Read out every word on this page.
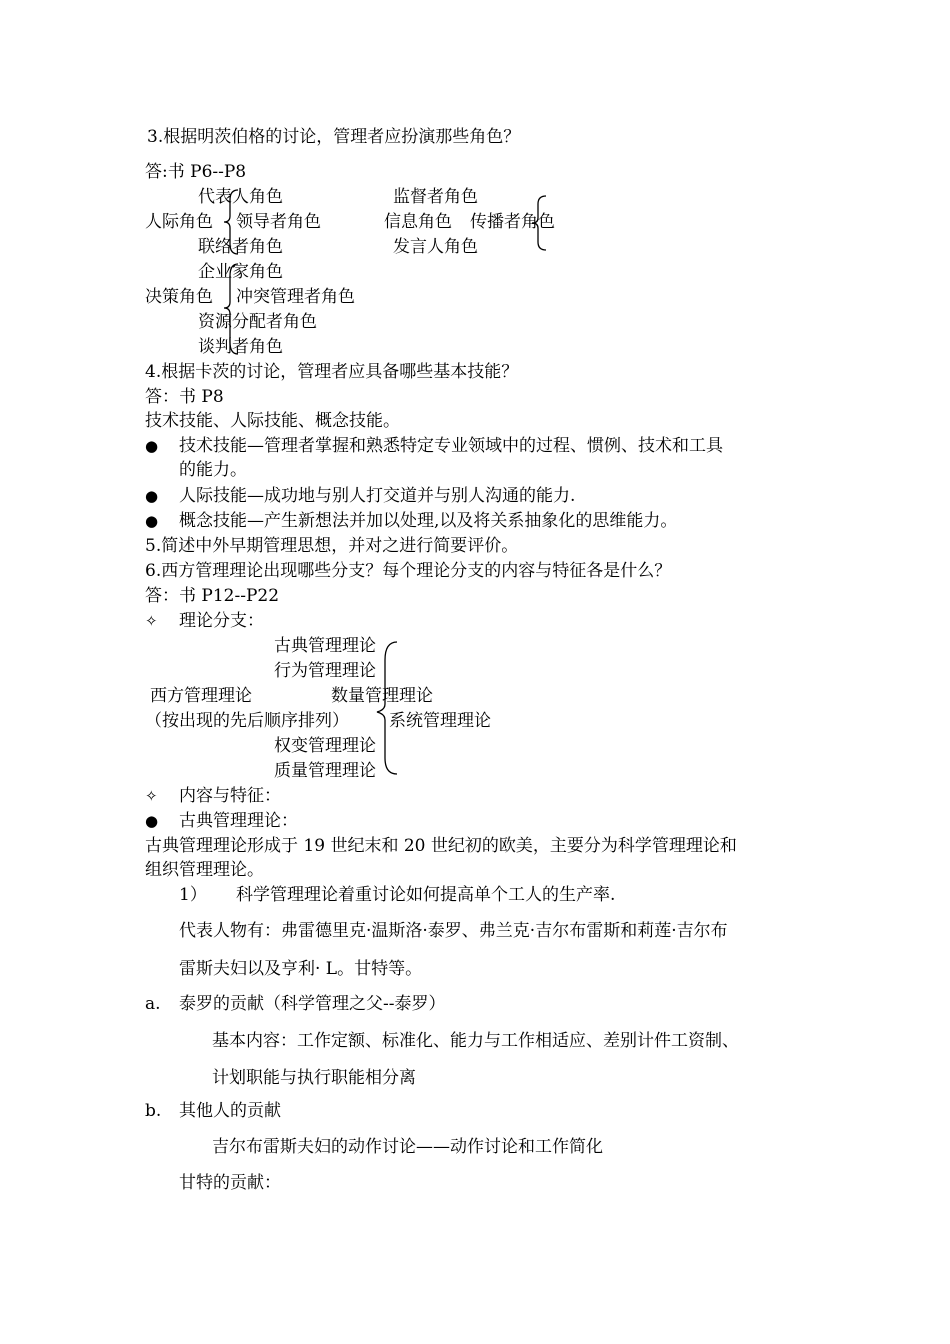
3.根据明茨伯格的讨论，管理者应扮演那些角色？
答:书 P6--P8
代表人角色
人际角色 领导者角色
联络者角色
监督者角色
信息角色 传播者角色
发言人角色
企业家角色
决策角色 冲突管理者角色
资源分配者角色
谈判者角色
4.根据卡茨的讨论，管理者应具备哪些基本技能？
答：书 P8
技术技能、人际技能、概念技能。
● 技术技能—管理者掌握和熟悉特定专业领域中的过程、惯例、技术和工具
的能力。
● 人际技能—成功地与别人打交道并与别人沟通的能力.
● 概念技能—产生新想法并加以处理,以及将关系抽象化的思维能力。
5.简述中外早期管理思想，并对之进行简要评价。
6.西方管理理论出现哪些分支？每个理论分支的内容与特征各是什么？
答：书 P12--P22
✧ 理论分支：
古典管理理论
行为管理理论
西方管理理论	数量管理理论
（按出现的先后顺序排列） 系统管理理论
权变管理理论
质量管理理论
✧ 内容与特征：
● 古典管理理论：
古典管理理论形成于 19 世纪末和 20 世纪初的欧美，主要分为科学管理理论和
组织管理理论。
1） 科学管理理论着重讨论如何提高单个工人的生产率.
代表人物有：弗雷德里克·温斯洛·泰罗、弗兰克·吉尔布雷斯和莉莲·吉尔布
雷斯夫妇以及亨利· L。甘特等。
a. 泰罗的贡献（科学管理之父--泰罗）
基本内容：工作定额、标准化、能力与工作相适应、差别计件工资制、
计划职能与执行职能相分离
b. 其他人的贡献
吉尔布雷斯夫妇的动作讨论——动作讨论和工作简化
甘特的贡献：
